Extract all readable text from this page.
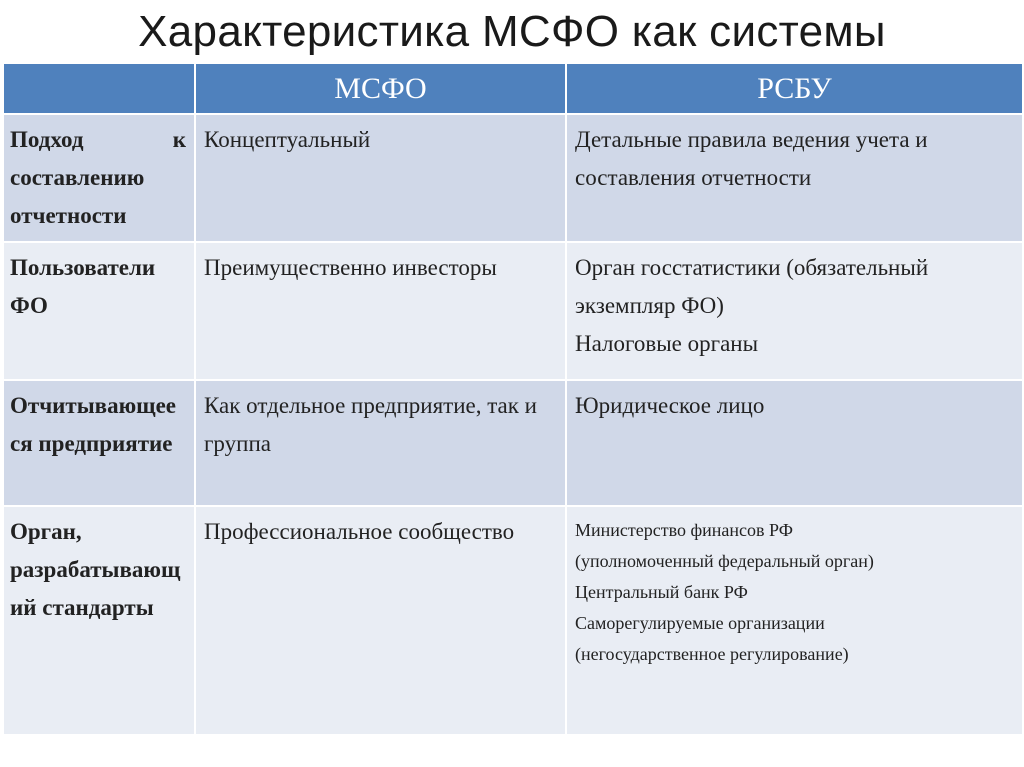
Характеристика МСФО как системы
	МСФО	РСБУ
Подход к составлению отчетности	Концептуальный	Детальные правила ведения учета и составления отчетности

Пользователи ФО	Преимущественно инвесторы	Орган госстатистики (обязательный экземпляр ФО)
Налоговые органы

Отчитывающееся предприятие	Как отдельное предприятие, так и группа	Юридическое лицо

Орган, разрабатывающий стандарты	Профессиональное сообщество	Министерство финансов РФ
(уполномоченный федеральный орган)
Центральный банк РФ
Саморегулируемые организации
(негосударственное регулирование)
